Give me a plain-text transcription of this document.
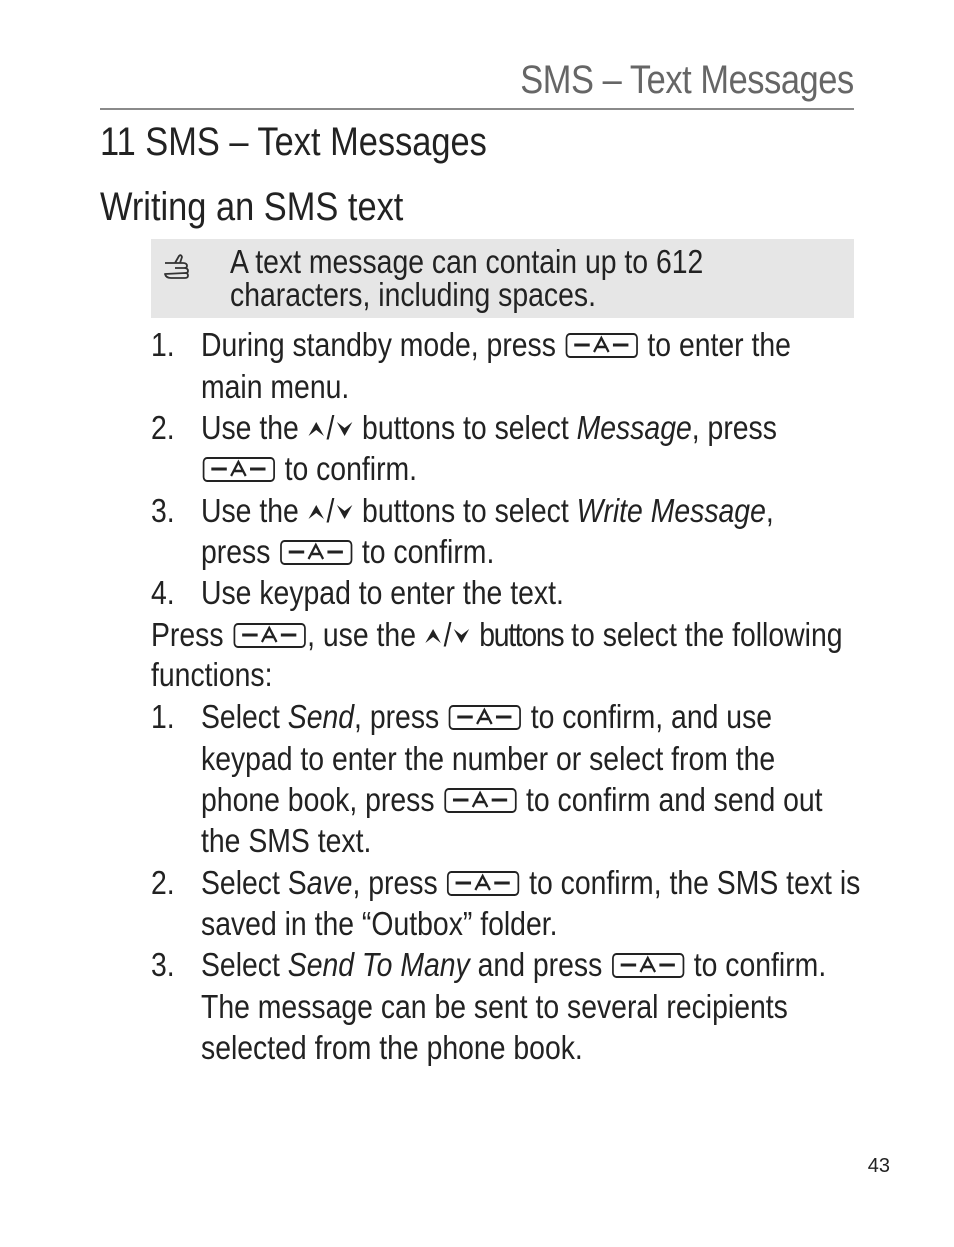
SMS – Text Messages
11 SMS – Text Messages
Writing an SMS text
A text message can contain up to 612
characters, including spaces.
1. During standby mode, press	to enter the
main menu.
2. Use the / buttons to select Message, press
to confirm.
3. Use the / buttons to select Write Message,
press	to confirm.
4. Use keypad to enter the text.
Press	, use the / buttons to select the following
functions:
1. Select Send, press	to confirm, and use
keypad to enter the number or select from the
phone book, press	to confirm and send out
the SMS text.
2. Select Save, press	to confirm, the SMS text is
saved in the “Outbox” folder.
3. Select Send To Many and press	to confirm.
The message can be sent to several recipients
selected from the phone book.
43
